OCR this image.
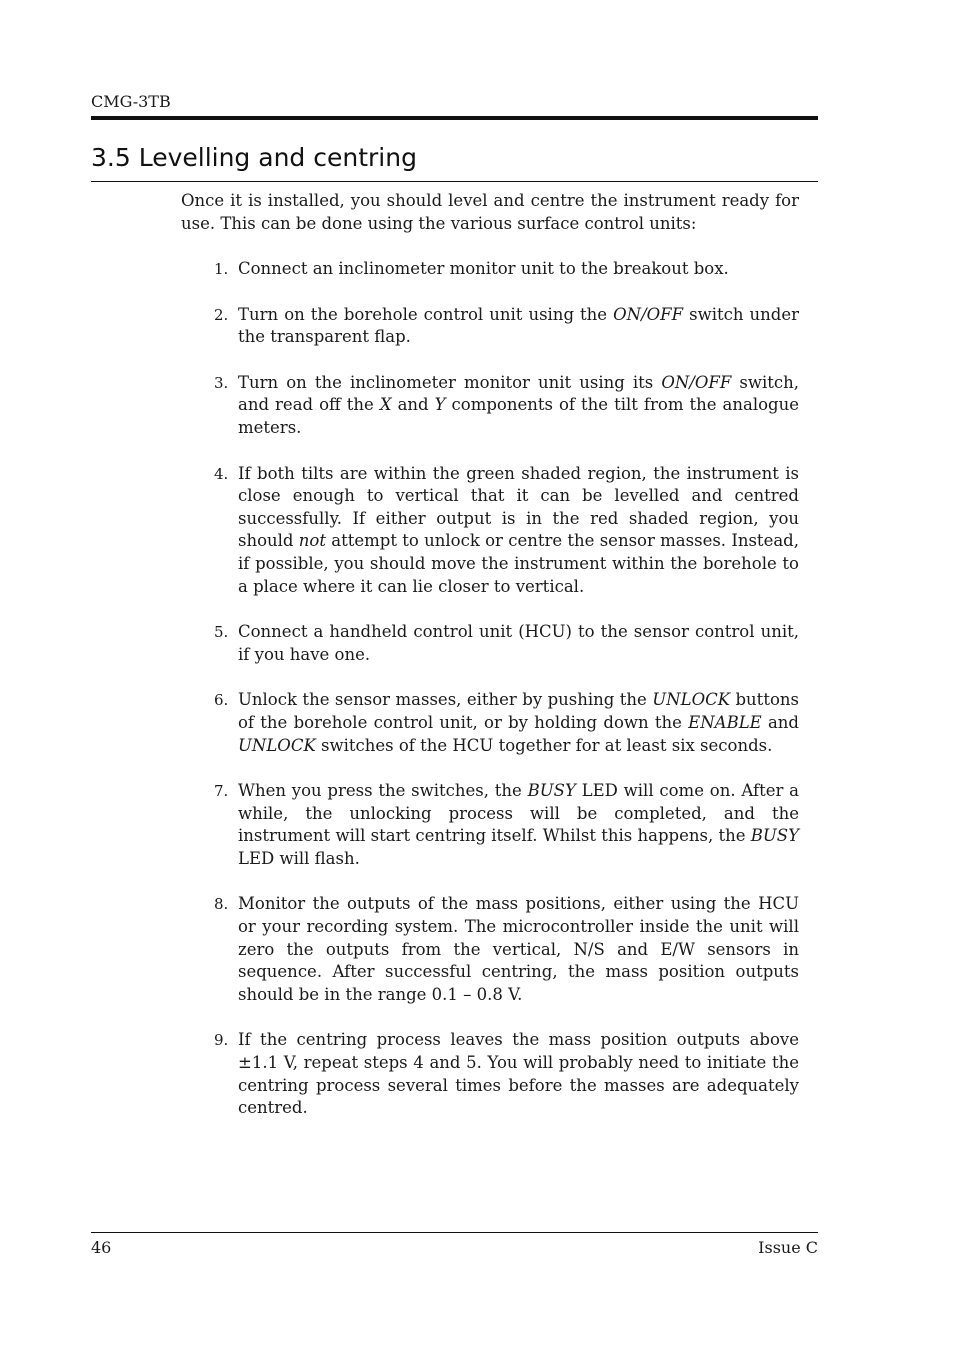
CMG-3TB
3.5 Levelling and centring

Once it is installed, you should level and centre the instrument ready for use. This can be done using the various surface control units:

1. Connect an inclinometer monitor unit to the breakout box.
2. Turn on the borehole control unit using the ON/OFF switch under the transparent flap.
3. Turn on the inclinometer monitor unit using its ON/OFF switch, and read off the X and Y components of the tilt from the analogue meters.
4. If both tilts are within the green shaded region, the instrument is close enough to vertical that it can be levelled and centred successfully. If either output is in the red shaded region, you should not attempt to unlock or centre the sensor masses. Instead, if possible, you should move the instrument within the borehole to a place where it can lie closer to vertical.
5. Connect a handheld control unit (HCU) to the sensor control unit, if you have one.
6. Unlock the sensor masses, either by pushing the UNLOCK buttons of the borehole control unit, or by holding down the ENABLE and UNLOCK switches of the HCU together for at least six seconds.
7. When you press the switches, the BUSY LED will come on. After a while, the unlocking process will be completed, and the instrument will start centring itself. Whilst this happens, the BUSY LED will flash.
8. Monitor the outputs of the mass positions, either using the HCU or your recording system. The microcontroller inside the unit will zero the outputs from the vertical, N/S and E/W sensors in sequence. After successful centring, the mass position outputs should be in the range 0.1 – 0.8 V.
9. If the centring process leaves the mass position outputs above ±1.1 V, repeat steps 4 and 5. You will probably need to initiate the centring process several times before the masses are adequately centred.
46	Issue C
